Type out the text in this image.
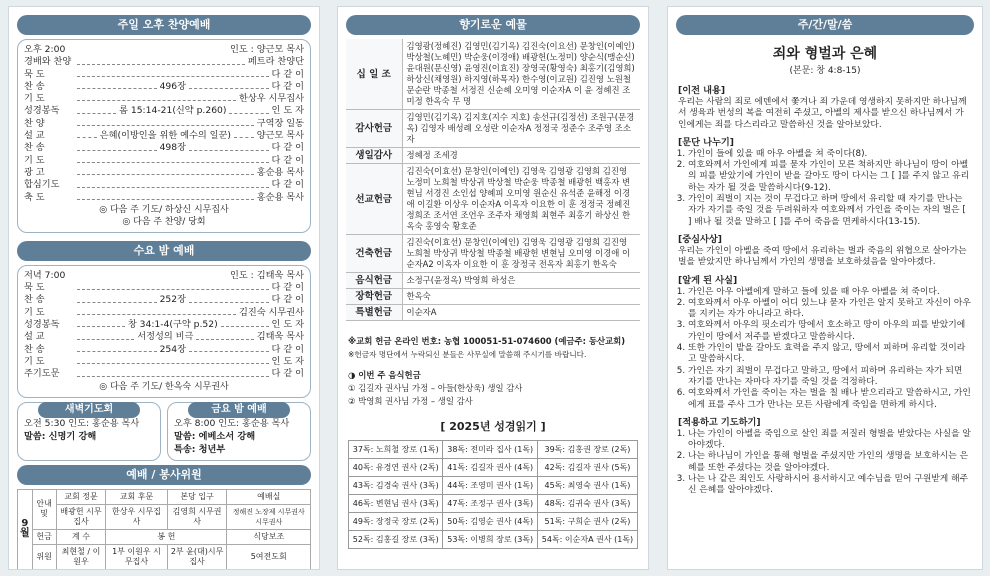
주일 오후 찬양예배
오후 2:00	인도 : 양근모 목사
경배와 찬양	페트라 찬양단
묵 도	다 같 이
찬 송	496장	다 같 이
기 도	한상우 시무집사
성경봉독	롬 15:14-21(신약 p.260)	인 도 자
찬 양	구역장 일동
설 교	은혜(이방인을 위한 예수의 일꾼)	양근모 목사
찬 송	498장	다 같 이
기 도	다 같 이
광 고	홍순용 목사
합심기도	다 같 이
축 도	홍순용 목사
◎ 다음 주 기도/ 하상신 시무집사
◎ 다음 주 찬양/ 당회
수요 밤 예배
저녁 7:00	인도 : 김태욱 목사
묵 도	다 같 이
찬 송	252장	다 같 이
기 도	김진숙 시무권사
성경봉독	창 34:1-4(구약 p.52)	인 도 자
설 교	서정성의 비극	김태욱 목사
찬 송	254장	다 같 이
기 도	인 도 자
주기도문	다 같 이
◎ 다음 주 기도/ 한옥숙 시무권사
새벽기도회

오전 5:30 인도: 홍순용 목사

말씀: 신명기 강해

금요 밤 예배

오후 8:00 인도: 홍순용 목사

말씀: 에베소서 강해

특송: 청년부

예배 / 봉사위원
9월	안내 및	교회 정문	교회 후문	본당 입구	예배실
		배광헌 시무집사	한상우 시무집사	김영희 시무권사	정해진 노장제 시무권사 시무권사
	헌금	계 수	봉 헌		식당보조
	위원	최현철 / 이원우	1부 이원우 시무집사	2부 윤(대)시무집사	5여전도회
향기로운 예물
십 일 조	김영광(정혜진) 김영민(김기옥) 김진숙(이요선) 문창인(이예인) 박상철(노혜민) 박순웅(이경애) 배광헌(노정미) 양순식(맹순신) 윤대원(문신영) 윤영진(이효진) 장영국(황영숙) 최홍기(김영희) 하상신(채영원) 하지영(하목자) 한수영(이교원) 김진영 노원철 문순란 박종철 서정진 신순혜 오미영 이순자A 이 윤 정혜진 조미정 한옥숙 무 명
감사헌금	김영민(김기옥) 김지호(지수 지호) 송선규(김정선) 조원구(문경옥) 김영자 배성례 오성란 이순자A 정정국 정준수 조주영 조소자
생일감사	정혜정 조세경
선교헌금	김진숙(이효선) 문창인(이예인) 김영욱 김영광 김영희 김진영 노정미 노희철 박상귀 박상철 박순웅 박종철 배광헌 백홍자 변현님 서경진 소인섭 양혜피 오미영 원순신 유석준 윤해정 이경애 이길환 이상우 이순자A 이옥자 이요한 이 훈 정정국 정혜진 정희조 조서연 조언우 조주자 채영희 최현주 최홍기 하상신 한옥숙 홍영숙 황호준
건축헌금	김진숙(이효선) 문창인(이예인) 김영욱 김영광 김영희 김진영 노희철 박상귀 박상철 박종철 배광헌 변현님 오미영 이경애 이순자A2 이옥자 이요한 이 훈 장정국 전옥자 최홍기 한옥숙
음식헌금	소정구(윤정옥) 박영희 하성은
장학헌금	한옥숙
특별헌금	이순자A
※교회 헌금 온라인 번호: 농협 100051-51-074600 (예금주: 동산교회)
※헌금자 명단에서 누락되신 분들은 사무실에 말씀해 주시기를 바랍니다.
◑ 이번 주 음식헌금
① 김길자 권사님 가정 – 아들(한상욱) 생일 감사
② 박영희 권사님 가정 – 생일 감사
[ 2025년 성경읽기 ]
37독: 노희철 장로 (1독)	38독: 전미라 집사 (1독)	39독: 김홍권 장로 (2독)
40독: 유경연 권사 (2독)	41독: 김길자 권사 (4독)	42독: 김길자 권사 (5독)
43독: 김경숙 권사 (3독)	44독: 조영미 권사 (1독)	45독: 최영숙 권사 (1독)
46독: 변현님 권사 (3독)	47독: 조정구 권사 (3독)	48독: 김귀숙 권사 (3독)
49독: 장정국 장로 (2독)	50독: 김영순 권사 (4독)	51독: 구희순 권사 (2독)
52독: 김홍길 장로 (3독)	53독: 이병희 장로 (3독)	54독: 이순자A 권사 (1독)
주/간/말/씀
죄와 형벌과 은혜
(본문: 창 4:8-15)
[이전 내용]
우리는 사람의 죄로 에덴에서 쫓겨나 죄 가운데 영생하지 못하지만 하나님께서 생육과 번성의 복을 여전히 주셨고, 아벨의 제사를 받으신 하나님께서 가인에게는 죄를 다스리라고 말씀하신 것을 알아보았다.
[문단 나누기]
1. 가인이 들에 있을 때 아우 아벨을 쳐 죽이다(8).
2. 여호와께서 가인에게 피를 묻자 가인이 모른 척하지만 하나님이 땅이 아벨의 피를 받았기에 가인이 받을 갈아도 땅이 다시는 그 [ ]를 주지 않고 유리하는 자가 될 것을 말씀하시다(9-12).
3. 가인이 죄벌이 지는 것이 무겁다고 하며 땅에서 유리할 때 자기를 만나는 자가 자기를 죽일 것을 두려워하자 여호와께서 가인을 죽이는 자의 벌은 [ ] 배나 될 것을 말하고 [ ]를 주어 죽음을 면케하시다(13-15).
[중심사상]
우리는 가인이 아벨을 죽여 땅에서 유리하는 벌과 죽음의 위협으로 살아가는 벌을 받았지만 하나님께서 가인의 생명을 보호하셨음을 알아야겠다.
[알게 된 사실]
1. 가인은 아우 아벨에게 말하고 들에 있을 때 아우 아벨을 쳐 죽이다.
2. 여호와께서 아우 아벨이 어디 있느냐 묻자 가인은 알지 못하고 자신이 아우를 지키는 자가 아니라고 하다.
3. 여호와께서 아우의 핏소리가 땅에서 호소하고 땅이 아우의 피를 받았기에 가인이 땅에서 저주를 받겠다고 말씀하시다.
4. 또한 가인이 밭을 갈아도 효력을 주지 않고, 땅에서 피하며 유리할 것이라고 말씀하시다.
5. 가인은 자기 죄벌이 무겁다고 말하고, 땅에서 피하며 유리하는 자가 되면 자기를 만나는 자마다 자기를 죽일 것을 걱정하다.
6. 여호와께서 가인을 죽이는 자는 벌을 칠 배나 받으리라고 말씀하시고, 가인에게 표를 주사 그가 만나는 모든 사람에게 죽임을 면하게 하시다.
[적용하고 기도하기]
1. 나는 가인이 아벨을 죽임으로 살인 죄를 저질러 형벌을 받았다는 사실을 알아야겠다.
2. 나는 하나님이 가인을 통해 형벌을 주셨지만 가인의 생명을 보호하시는 은혜를 또한 주셨다는 것을 알아야겠다.
3. 나는 나 같은 죄인도 사랑하시어 용서하시고 예수님을 믿어 구원받게 해주신 은혜를 알아야겠다.
